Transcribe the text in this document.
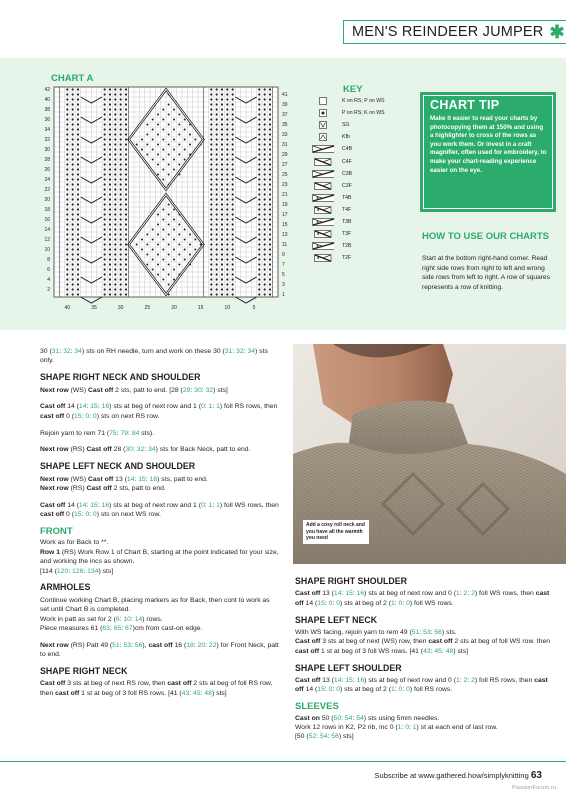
MEN'S REINDEER JUMPER ✱
CHART A
42
40
38
36
34
32
30
28
26
24
22
20
18
16
14
12
10
8
6
4
2
41
39
37
35
33
31
29
27
25
23
21
19
17
15
13
11
9
7
5
3
1
40	35	30	25	20	15	10	5
KEY
K on RS; P on WS
P on RS; K on WS
Sl1
Kfb
C4B
C4F
C3B
C3F
T4B
T4F
T3B
T3F
T2B
T2F
CHART TIP
Make it easier to read your charts by photocopying them at 150% and using a highlighter to cross of the rows as you work them. Or invest in a craft magnifier, often used for embroidery, to make your chart-reading experience easier on the eye.
HOW TO USE OUR CHARTS
Start at the bottom right-hand corner. Read right side rows from right to left and wrong side rows from left to right. A row of squares represents a row of knitting.

30 (31: 32: 34) sts on RH needle, turn and work on these 30 (31: 32: 34) sts only.

SHAPE RIGHT NECK AND SHOULDER

Next row (WS) Cast off 2 sts, patt to end. [28 (29: 30: 32) sts]

Cast off 14 (14: 15: 16) sts at beg of next row and 1 (0: 1: 1) foll RS rows, then cast off 0 (15: 0: 0) sts on next RS row.

Rejoin yarn to rem 71 (75: 79: 84 sts).

Next row (RS) Cast off 28 (30: 32: 34) sts for Back Neck, patt to end.

SHAPE LEFT NECK AND SHOULDER

Next row (WS) Cast off 13 (14: 15: 16) sts, patt to end.
Next row (RS) Cast off 2 sts, patt to end.

Cast off 14 (14: 15: 16) sts at beg of next row and 1 (0: 1: 1) foll WS rows, then cast off 0 (15: 0: 0) sts on next WS row.

FRONT

Work as for Back to **.
Row 1 (RS) Work Row 1 of Chart B, starting at the point indicated for your size, and working the incs as shown.
[114 (120: 126: 134) sts]

ARMHOLES

Continue working Chart B, placing markers as for Back, then cont to work as set until Chart B is completed.
Work in patt as set for 2 (6: 10: 14) rows.
Piece measures 61 (63: 65: 67)cm from cast-on edge.

Next row (RS) Patt 49 (51: 53: 56), cast off 16 (18: 20: 22) for Front Neck, patt to end.

SHAPE RIGHT NECK

Cast off 3 sts at beg of next RS row, then cast off 2 sts at beg of foll RS row, then cast off 1 st at beg of 3 foll RS rows. [41 (43: 45: 48) sts]

Add a cosy roll neck and you have all the warmth you need
SHAPE RIGHT SHOULDER

Cast off 13 (14: 15: 16) sts at beg of next row and 0 (1: 2: 2) foll WS rows, then cast off 14 (15: 0: 0) sts at beg of 2 (1: 0: 0) foll WS rows.

SHAPE LEFT NECK

With WS facing, rejoin yarn to rem 49 (51: 53: 56) sts.
Cast off 3 sts at beg of next (WS) row, then cast off 2 sts at beg of foll WS row. then cast off 1 st at beg of 3 foll WS rows. [41 (43: 45: 48) sts]

SHAPE LEFT SHOULDER

Cast off 13 (14: 15: 16) sts at beg of next row and 0 (1: 2: 2) foll RS rows, then cast off 14 (15: 0: 0) sts at beg of 2 (1: 0: 0) foll RS rows.

SLEEVES

Cast on 50 (50: 54: 54) sts using 5mm needles.
Work 12 rows in K2, P2 rib, inc 0 (1: 0: 1) st at each end of last row.
[50 (52: 54: 56) sts]

Subscribe at www.gathered.how/simplyknitting 63
PassionForum.ru
